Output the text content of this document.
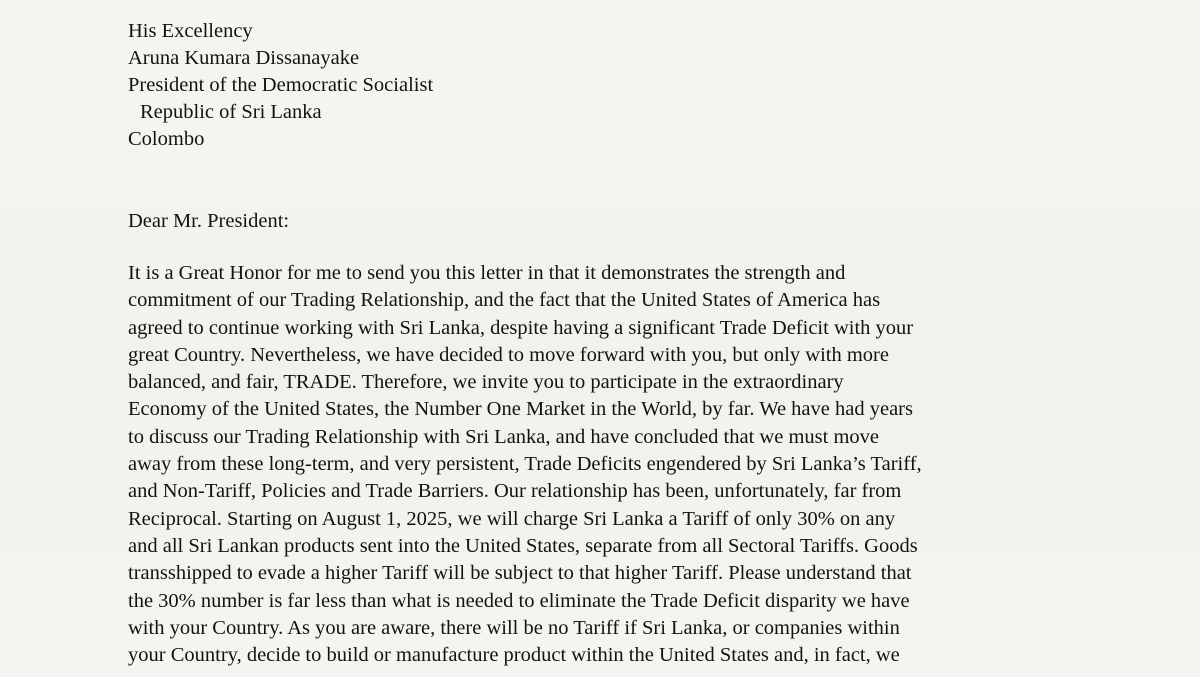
His Excellency
Aruna Kumara Dissanayake
President of the Democratic Socialist
Republic of Sri Lanka
Colombo
Dear Mr. President:
It is a Great Honor for me to send you this letter in that it demonstrates the strength and
commitment of our Trading Relationship, and the fact that the United States of America has
agreed to continue working with Sri Lanka, despite having a significant Trade Deficit with your
great Country. Nevertheless, we have decided to move forward with you, but only with more
balanced, and fair, TRADE. Therefore, we invite you to participate in the extraordinary
Economy of the United States, the Number One Market in the World, by far. We have had years
to discuss our Trading Relationship with Sri Lanka, and have concluded that we must move
away from these long-term, and very persistent, Trade Deficits engendered by Sri Lanka’s Tariff,
and Non-Tariff, Policies and Trade Barriers. Our relationship has been, unfortunately, far from
Reciprocal. Starting on August 1, 2025, we will charge Sri Lanka a Tariff of only 30% on any
and all Sri Lankan products sent into the United States, separate from all Sectoral Tariffs. Goods
transshipped to evade a higher Tariff will be subject to that higher Tariff. Please understand that
the 30% number is far less than what is needed to eliminate the Trade Deficit disparity we have
with your Country. As you are aware, there will be no Tariff if Sri Lanka, or companies within
your Country, decide to build or manufacture product within the United States and, in fact, we
